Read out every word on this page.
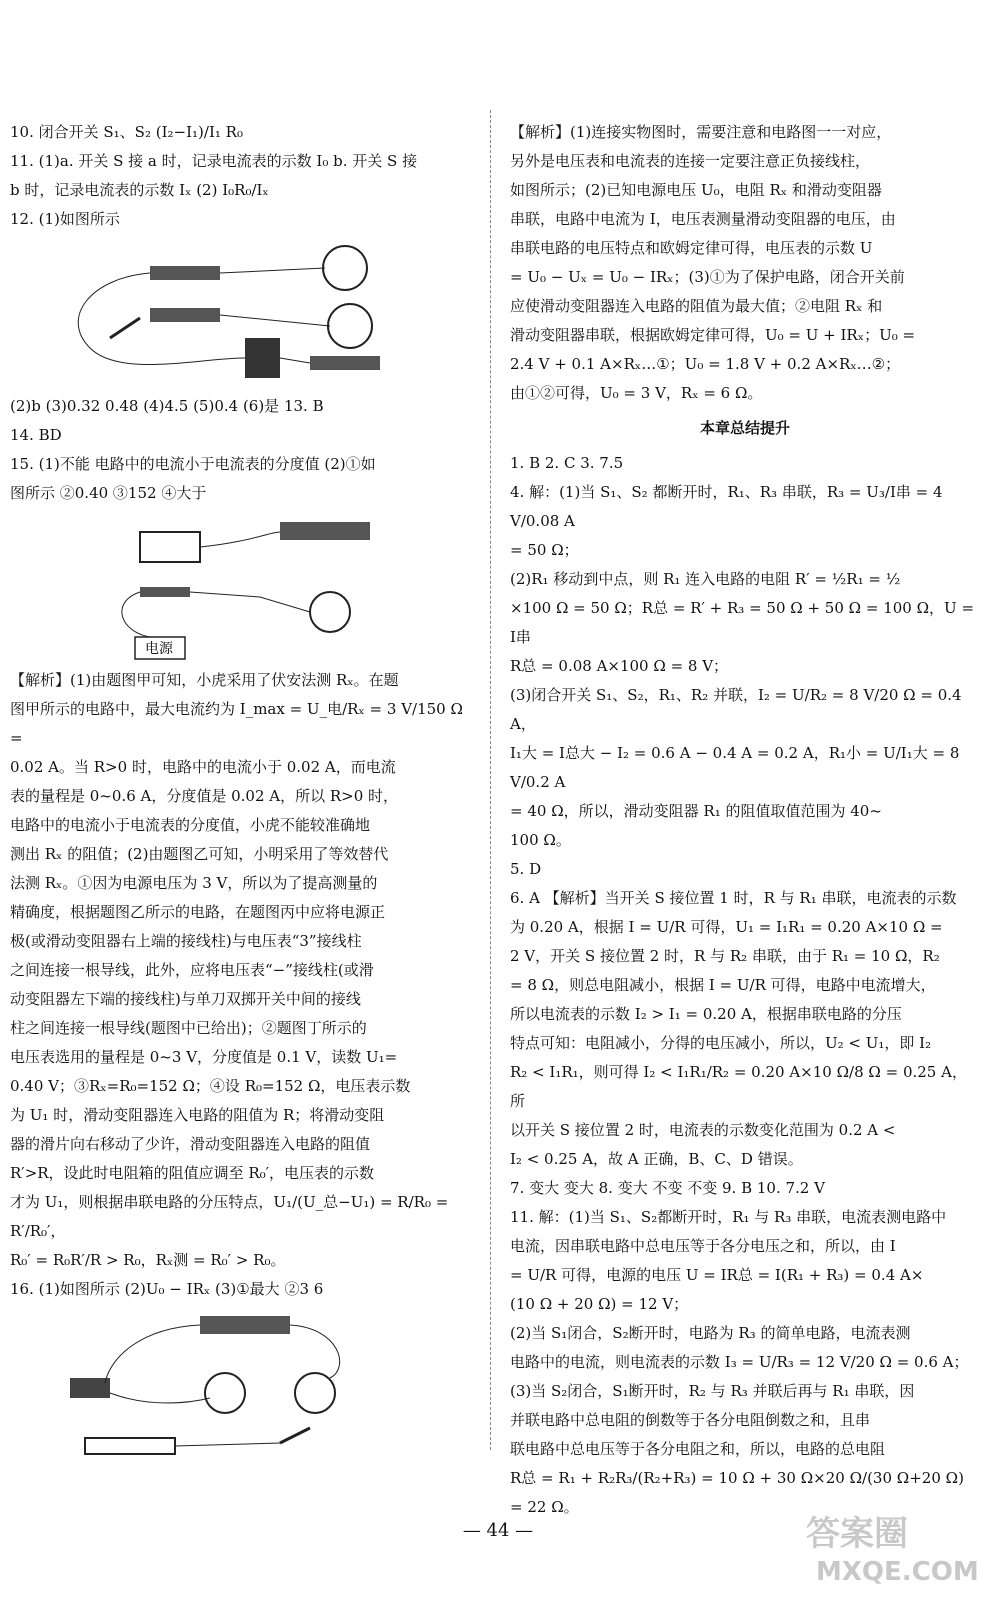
10. 闭合开关 S₁、S₂ (I₂−I₁)/I₁ R₀

11. (1)a. 开关 S 接 a 时，记录电流表的示数 I₀ b. 开关 S 接

b 时，记录电流表的示数 Iₓ (2) I₀R₀/Iₓ

12. (1)如图所示

(2)b (3)0.32 0.48 (4)4.5 (5)0.4 (6)是 13. B

14. BD

15. (1)不能 电路中的电流小于电流表的分度值 (2)①如

图所示 ②0.40 ③152 ④大于

电源

【解析】(1)由题图甲可知，小虎采用了伏安法测 Rₓ。在题

图甲所示的电路中，最大电流约为 I_max = U_电/Rₓ = 3 V/150 Ω =

0.02 A。当 R>0 时，电路中的电流小于 0.02 A，而电流

表的量程是 0~0.6 A，分度值是 0.02 A，所以 R>0 时，

电路中的电流小于电流表的分度值，小虎不能较准确地

测出 Rₓ 的阻值；(2)由题图乙可知，小明采用了等效替代

法测 Rₓ。①因为电源电压为 3 V，所以为了提高测量的

精确度，根据题图乙所示的电路，在题图丙中应将电源正

极(或滑动变阻器右上端的接线柱)与电压表“3”接线柱

之间连接一根导线，此外，应将电压表“−”接线柱(或滑

动变阻器左下端的接线柱)与单刀双掷开关中间的接线

柱之间连接一根导线(题图中已给出)；②题图丁所示的

电压表选用的量程是 0~3 V，分度值是 0.1 V，读数 U₁=

0.40 V；③Rₓ=R₀=152 Ω；④设 R₀=152 Ω，电压表示数

为 U₁ 时，滑动变阻器连入电路的阻值为 R；将滑动变阻

器的滑片向右移动了少许，滑动变阻器连入电路的阻值

R′>R，设此时电阻箱的阻值应调至 R₀′，电压表的示数

才为 U₁，则根据串联电路的分压特点，U₁/(U_总−U₁) = R/R₀ = R′/R₀′，

R₀′ = R₀R′/R > R₀，Rₓ测 = R₀′ > R₀。

16. (1)如图所示 (2)U₀ − IRₓ (3)①最大 ②3 6

【解析】(1)连接实物图时，需要注意和电路图一一对应，

另外是电压表和电流表的连接一定要注意正负接线柱，

如图所示；(2)已知电源电压 U₀，电阻 Rₓ 和滑动变阻器

串联，电路中电流为 I，电压表测量滑动变阻器的电压，由

串联电路的电压特点和欧姆定律可得，电压表的示数 U

= U₀ − Uₓ = U₀ − IRₓ；(3)①为了保护电路，闭合开关前

应使滑动变阻器连入电路的阻值为最大值；②电阻 Rₓ 和

滑动变阻器串联，根据欧姆定律可得，U₀ = U + IRₓ；U₀ =

2.4 V + 0.1 A×Rₓ…①；U₀ = 1.8 V + 0.2 A×Rₓ…②；

由①②可得，U₀ = 3 V，Rₓ = 6 Ω。

本章总结提升

1. B 2. C 3. 7.5

4. 解：(1)当 S₁、S₂ 都断开时，R₁、R₃ 串联，R₃ = U₃/I串 = 4 V/0.08 A

= 50 Ω；

(2)R₁ 移动到中点，则 R₁ 连入电路的电阻 R′ = ½R₁ = ½

×100 Ω = 50 Ω；R总 = R′ + R₃ = 50 Ω + 50 Ω = 100 Ω，U = I串

R总 = 0.08 A×100 Ω = 8 V；

(3)闭合开关 S₁、S₂，R₁、R₂ 并联，I₂ = U/R₂ = 8 V/20 Ω = 0.4 A，

I₁大 = I总大 − I₂ = 0.6 A − 0.4 A = 0.2 A，R₁小 = U/I₁大 = 8 V/0.2 A

= 40 Ω，所以，滑动变阻器 R₁ 的阻值取值范围为 40~

100 Ω。

5. D

6. A 【解析】当开关 S 接位置 1 时，R 与 R₁ 串联，电流表的示数

为 0.20 A，根据 I = U/R 可得，U₁ = I₁R₁ = 0.20 A×10 Ω =

2 V，开关 S 接位置 2 时，R 与 R₂ 串联，由于 R₁ = 10 Ω，R₂

= 8 Ω，则总电阻减小，根据 I = U/R 可得，电路中电流增大，

所以电流表的示数 I₂ > I₁ = 0.20 A，根据串联电路的分压

特点可知：电阻减小，分得的电压减小，所以，U₂ < U₁，即 I₂

R₂ < I₁R₁，则可得 I₂ < I₁R₁/R₂ = 0.20 A×10 Ω/8 Ω = 0.25 A，所

以开关 S 接位置 2 时，电流表的示数变化范围为 0.2 A <

I₂ < 0.25 A，故 A 正确，B、C、D 错误。

7. 变大 变大 8. 变大 不变 不变 9. B 10. 7.2 V

11. 解：(1)当 S₁、S₂都断开时，R₁ 与 R₃ 串联，电流表测电路中

电流，因串联电路中总电压等于各分电压之和，所以，由 I

= U/R 可得，电源的电压 U = IR总 = I(R₁ + R₃) = 0.4 A×

(10 Ω + 20 Ω) = 12 V；

(2)当 S₁闭合，S₂断开时，电路为 R₃ 的简单电路，电流表测

电路中的电流，则电流表的示数 I₃ = U/R₃ = 12 V/20 Ω = 0.6 A；

(3)当 S₂闭合，S₁断开时，R₂ 与 R₃ 并联后再与 R₁ 串联，因

并联电路中总电阻的倒数等于各分电阻倒数之和，且串

联电路中总电压等于各分电阻之和，所以，电路的总电阻

R总 = R₁ + R₂R₃/(R₂+R₃) = 10 Ω + 30 Ω×20 Ω/(30 Ω+20 Ω) = 22 Ω。

— 44 —	答案圈
MXQE.COM
